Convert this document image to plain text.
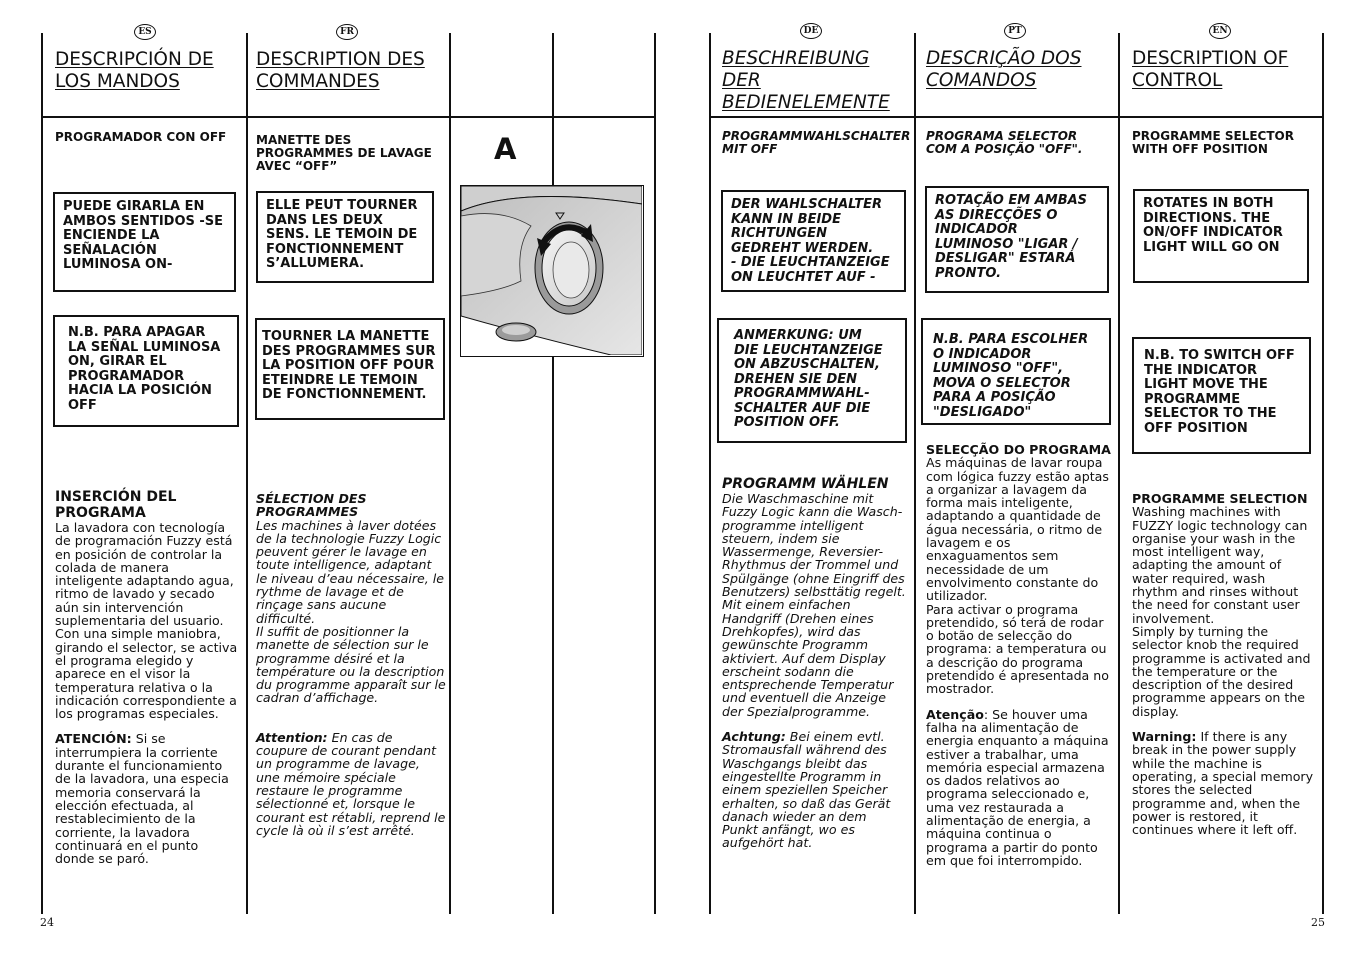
ES	FR	DE	PT	EN
DESCRIPCIÓN DE LOS MANDOS
DESCRIPTION DES COMMANDES
BESCHREIBUNG DER BEDIENELEMENTE
DESCRIÇÃO DOS COMANDOS
DESCRIPTION OF CONTROL
PROGRAMADOR CON OFF	MANETTE DES PROGRAMMES DE LAVAGE AVEC “OFF”
PROGRAMMWAHLSCHALTER MIT OFF
PROGRAMA SELECTOR COM A POSIÇÃO "OFF".
PROGRAMME SELECTOR WITH OFF POSITION
PUEDE GIRARLA EN AMBOS SENTIDOS -SE ENCIENDE LA SEÑALACIÓN LUMINOSA ON-
ELLE PEUT TOURNER DANS LES DEUX SENS. LE TEMOIN DE FONCTIONNEMENT S’ALLUMERA.
DER WAHLSCHALTER KANN IN BEIDE RICHTUNGEN GEDREHT WERDEN.
- DIE LEUCHTANZEIGE ON LEUCHTET AUF -
ROTAÇÃO EM AMBAS AS DIRECÇÕES O INDICADOR LUMINOSO "LIGAR / DESLIGAR" ESTARÁ PRONTO.
ROTATES IN BOTH DIRECTIONS. THE ON/OFF INDICATOR LIGHT WILL GO ON
N.B. PARA APAGAR LA SEÑAL LUMINOSA ON, GIRAR EL PROGRAMADOR HACIA LA POSICIÓN OFF
TOURNER LA MANETTE DES PROGRAMMES SUR LA POSITION OFF POUR ETEINDRE LE TEMOIN DE FONCTIONNEMENT.
ANMERKUNG: UM DIE LEUCHTANZEIGE ON ABZUSCHALTEN, DREHEN SIE DEN PROGRAMMWAHL- SCHALTER AUF DIE POSITION OFF.
N.B. PARA ESCOLHER O INDICADOR LUMINOSO "OFF", MOVA O SELECTOR PARA A POSIÇÃO "DESLIGADO"
N.B. TO SWITCH OFF THE INDICATOR LIGHT MOVE THE PROGRAMME SELECTOR TO THE OFF POSITION
A
INSERCIÓN DEL PROGRAMA

La lavadora con tecnología de programación Fuzzy está en posición de controlar la colada de manera inteligente adaptando agua, ritmo de lavado y secado aún sin intervención suplementaria del usuario. Con una simple maniobra, girando el selector, se activa el programa elegido y aparece en el visor la temperatura relativa o la indicación correspondiente a los programas especiales.

ATENCIÓN: Si se interrumpiera la corriente durante el funcionamiento de la lavadora, una especia memoria conservará la elección efectuada, al restablecimiento de la corriente, la lavadora continuará en el punto donde se paró.

SÉLECTION DES PROGRAMMES

Les machines à laver dotées de la technologie Fuzzy Logic peuvent gérer le lavage en toute intelligence, adaptant le niveau d’eau nécessaire, le rythme de lavage et de rinçage sans aucune difficulté.

Il suffit de positionner la manette de sélection sur le programme désiré et la température ou la description du programme apparaît sur le cadran d’affichage.

Attention: En cas de coupure de courant pendant un programme de lavage, une mémoire spéciale restaure le programme sélectionné et, lorsque le courant est rétabli, reprend le cycle là où il s’est arrêté.

PROGRAMM WÄHLEN

Die Waschmaschine mit Fuzzy Logic kann die Wasch- programme intelligent steuern, indem sie Wassermenge, Reversier- Rhythmus der Trommel und Spülgänge (ohne Eingriff des Benutzers) selbsttätig regelt. Mit einem einfachen Handgriff (Drehen eines Drehkopfes), wird das gewünschte Programm aktiviert. Auf dem Display erscheint sodann die entsprechende Temperatur und eventuell die Anzeige der Spezialprogramme.

Achtung: Bei einem evtl. Stromausfall während des Waschgangs bleibt das eingestellte Programm in einem speziellen Speicher erhalten, so daß das Gerät danach wieder an dem Punkt anfängt, wo es aufgehört hat.

SELECÇÃO DO PROGRAMA

As máquinas de lavar roupa com lógica fuzzy estão aptas a organizar a lavagem da forma mais inteligente, adaptando a quantidade de água necessária, o ritmo de lavagem e os enxaguamentos sem necessidade de um envolvimento constante do utilizador.

Para activar o programa pretendido, só terá de rodar o botão de selecção do programa: a temperatura ou a descrição do programa pretendido é apresentada no mostrador.

Atenção: Se houver uma falha na alimentação de energia enquanto a máquina estiver a trabalhar, uma memória especial armazena os dados relativos ao programa seleccionado e, uma vez restaurada a alimentação de energia, a máquina continua o programa a partir do ponto em que foi interrompido.

PROGRAMME SELECTION

Washing machines with FUZZY logic technology can organise your wash in the most intelligent way, adapting the amount of water required, wash rhythm and rinses without the need for constant user involvement.

Simply by turning the selector knob the required programme is activated and the temperature or the description of the desired programme appears on the display.

Warning: If there is any break in the power supply while the machine is operating, a special memory stores the selected programme and, when the power is restored, it continues where it left off.

24	25
